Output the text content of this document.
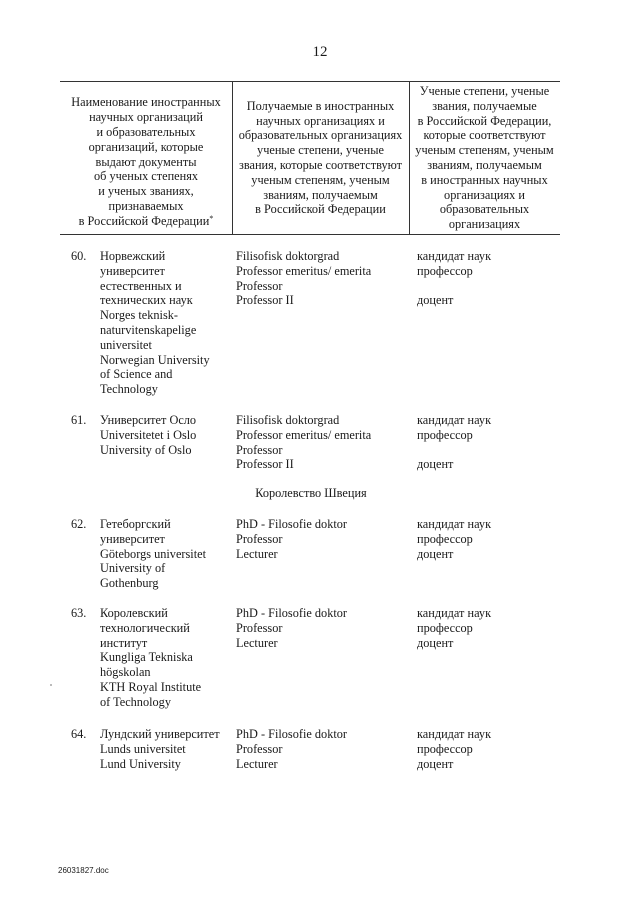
12
Наименование иностранных
научных организаций
и образовательных
организаций, которые
выдают документы
об ученых степенях
и ученых званиях,
признаваемых
в Российской Федерации*
Получаемые в иностранных
научных организациях и
образовательных организациях
ученые степени, ученые
звания, которые соответствуют
ученым степеням, ученым
званиям, получаемым
в Российской Федерации
Ученые степени, ученые
звания, получаемые
в Российской Федерации,
которые соответствуют
ученым степеням, ученым
званиям, получаемым
в иностранных научных
организациях и
образовательных
организациях
60. Норвежский
университет
естественных и
технических наук
Norges teknisk-
naturvitenskapelige
universitet
Norwegian University
of Science and
Technology
Filisofisk doktorgrad
Professor emeritus/ emerita
Professor
Professor II
кандидат наук
профессор

доцент
61. Университет Осло
Universitetet i Oslo
University of Oslo
Filisofisk doktorgrad
Professor emeritus/ emerita
Professor
Professor II
кандидат наук
профессор

доцент
Королевство Швеция
62. Гетеборгский
университет
Göteborgs universitet
University of
Gothenburg
PhD - Filosofie doktor
Professor
Lecturer
кандидат наук
профессор
доцент
63. Королевский
технологический
институт
Kungliga Tekniska
högskolan
KTH Royal Institute
of Technology
PhD - Filosofie doktor
Professor
Lecturer
кандидат наук
профессор
доцент
64. Лундский университет
Lunds universitet
Lund University
PhD - Filosofie doktor
Professor
Lecturer
кандидат наук
профессор
доцент
26031827.doc
